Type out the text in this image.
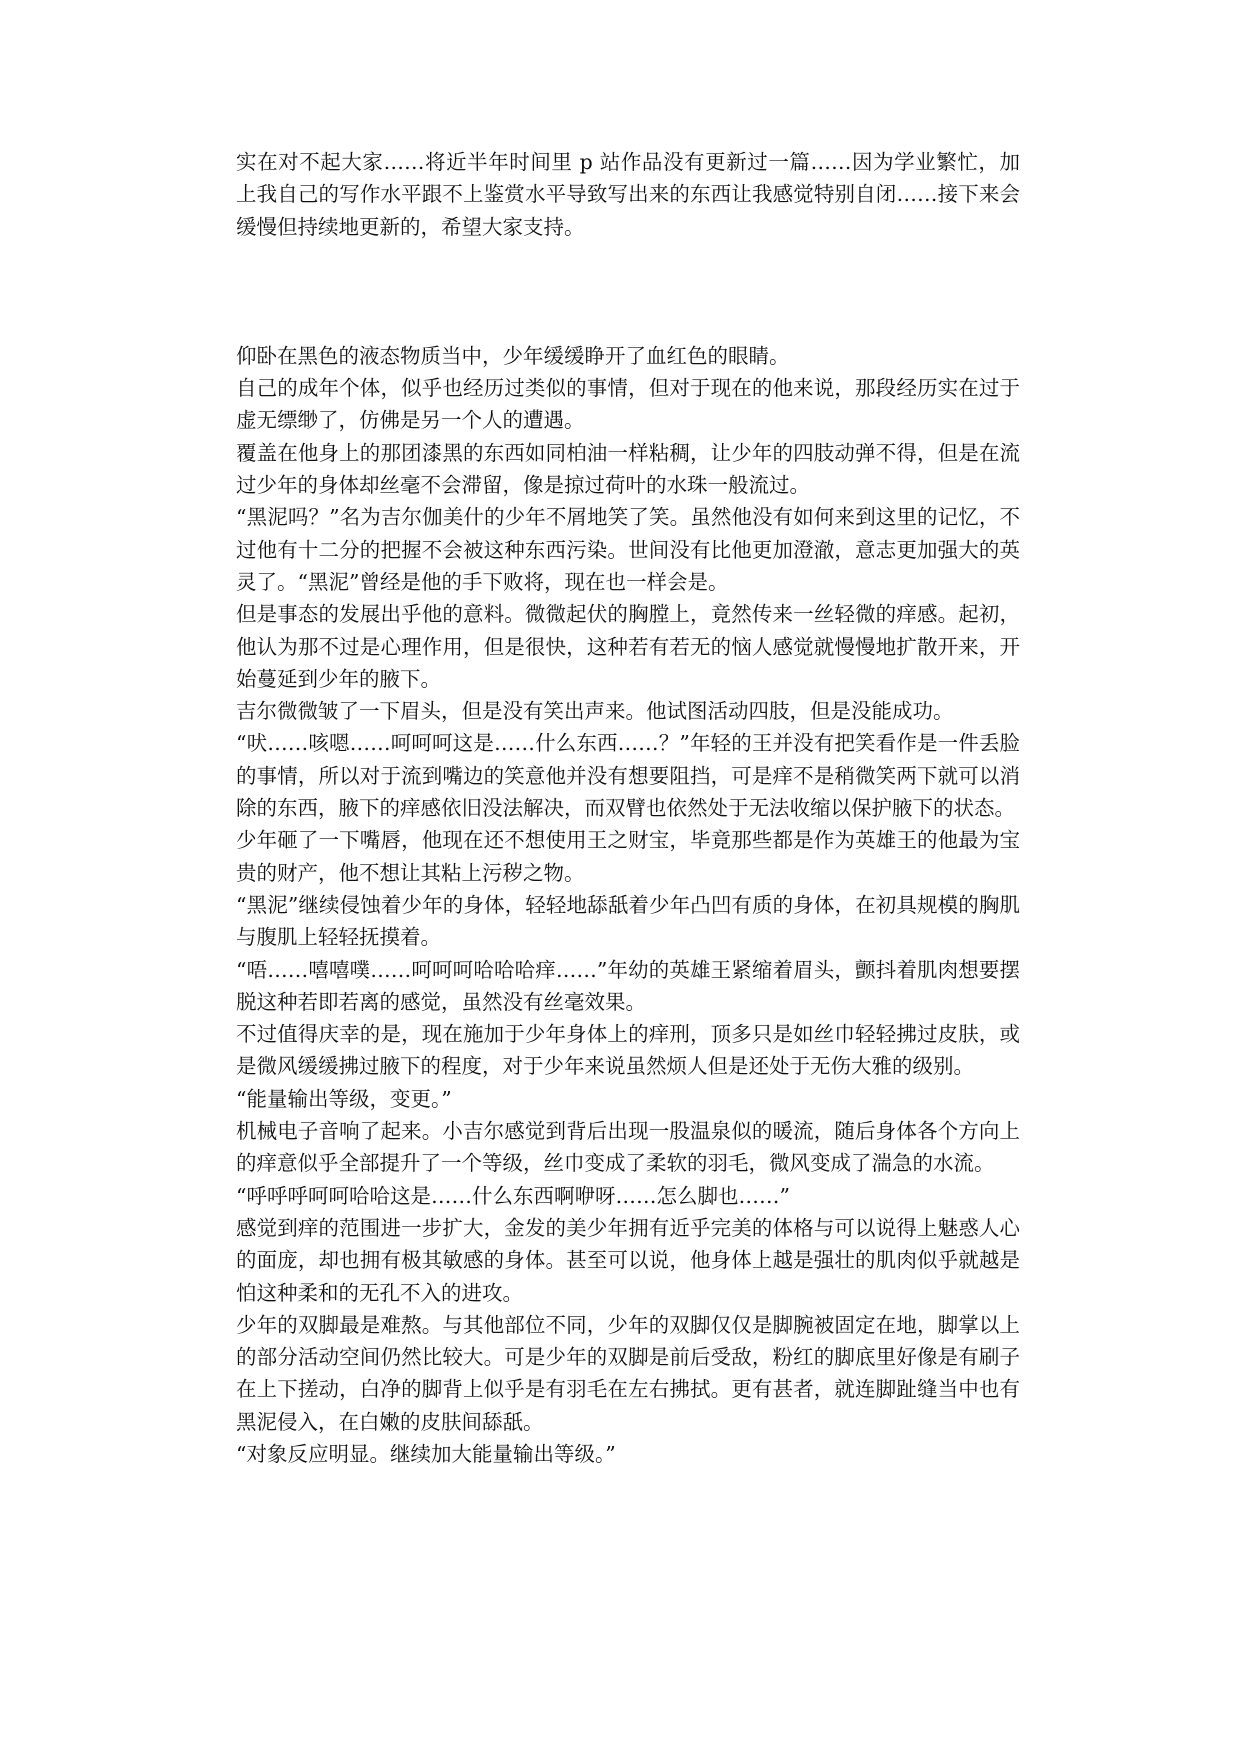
实在对不起大家……将近半年时间里 p 站作品没有更新过一篇……因为学业繁忙，加上我自己的写作水平跟不上鉴赏水平导致写出来的东西让我感觉特别自闭……接下来会缓慢但持续地更新的，希望大家支持。

仰卧在黑色的液态物质当中，少年缓缓睁开了血红色的眼睛。

自己的成年个体，似乎也经历过类似的事情，但对于现在的他来说，那段经历实在过于虚无缥缈了，仿佛是另一个人的遭遇。

覆盖在他身上的那团漆黑的东西如同柏油一样粘稠，让少年的四肢动弹不得，但是在流过少年的身体却丝毫不会滞留，像是掠过荷叶的水珠一般流过。

“黑泥吗？”名为吉尔伽美什的少年不屑地笑了笑。虽然他没有如何来到这里的记忆，不过他有十二分的把握不会被这种东西污染。世间没有比他更加澄澈，意志更加强大的英灵了。“黑泥”曾经是他的手下败将，现在也一样会是。

但是事态的发展出乎他的意料。微微起伏的胸膛上，竟然传来一丝轻微的痒感。起初，他认为那不过是心理作用，但是很快，这种若有若无的恼人感觉就慢慢地扩散开来，开始蔓延到少年的腋下。

吉尔微微皱了一下眉头，但是没有笑出声来。他试图活动四肢，但是没能成功。

“吠……咳嗯……呵呵呵这是……什么东西……？”年轻的王并没有把笑看作是一件丢脸的事情，所以对于流到嘴边的笑意他并没有想要阻挡，可是痒不是稍微笑两下就可以消除的东西，腋下的痒感依旧没法解决，而双臂也依然处于无法收缩以保护腋下的状态。

少年砸了一下嘴唇，他现在还不想使用王之财宝，毕竟那些都是作为英雄王的他最为宝贵的财产，他不想让其粘上污秽之物。

“黑泥”继续侵蚀着少年的身体，轻轻地舔舐着少年凸凹有质的身体，在初具规模的胸肌与腹肌上轻轻抚摸着。

“唔……嘻嘻噗……呵呵呵哈哈哈痒……”年幼的英雄王紧缩着眉头，颤抖着肌肉想要摆脱这种若即若离的感觉，虽然没有丝毫效果。

不过值得庆幸的是，现在施加于少年身体上的痒刑，顶多只是如丝巾轻轻拂过皮肤，或是微风缓缓拂过腋下的程度，对于少年来说虽然烦人但是还处于无伤大雅的级别。

“能量输出等级，变更。”

机械电子音响了起来。小吉尔感觉到背后出现一股温泉似的暖流，随后身体各个方向上的痒意似乎全部提升了一个等级，丝巾变成了柔软的羽毛，微风变成了湍急的水流。

“呼呼呼呵呵哈哈这是……什么东西啊咿呀……怎么脚也……”

感觉到痒的范围进一步扩大，金发的美少年拥有近乎完美的体格与可以说得上魅惑人心的面庞，却也拥有极其敏感的身体。甚至可以说，他身体上越是强壮的肌肉似乎就越是怕这种柔和的无孔不入的进攻。

少年的双脚最是难熬。与其他部位不同，少年的双脚仅仅是脚腕被固定在地，脚掌以上的部分活动空间仍然比较大。可是少年的双脚是前后受敌，粉红的脚底里好像是有刷子在上下搓动，白净的脚背上似乎是有羽毛在左右拂拭。更有甚者，就连脚趾缝当中也有黑泥侵入，在白嫩的皮肤间舔舐。

“对象反应明显。继续加大能量输出等级。”
